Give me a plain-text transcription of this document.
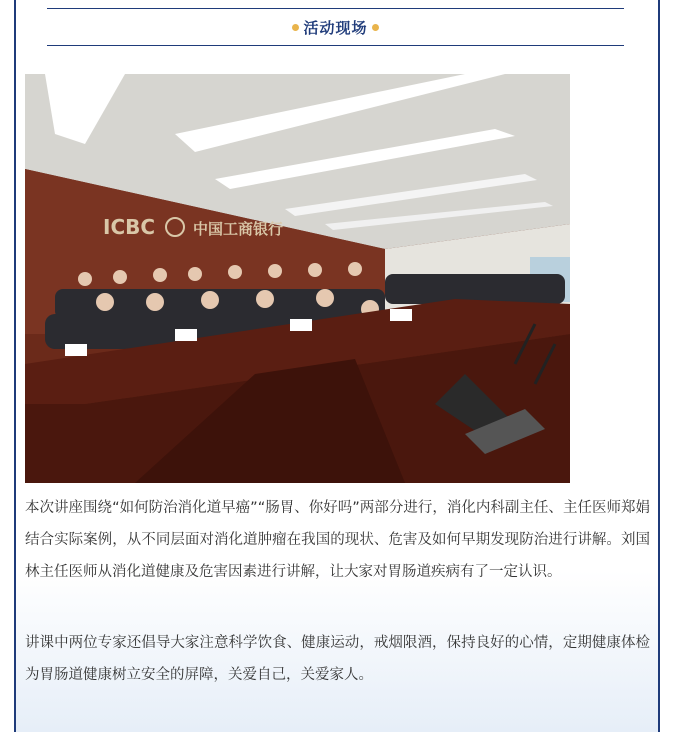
活动现场
ICBC	中国工商银行

本次讲座围绕“如何防治消化道早癌”“肠胃、你好吗”两部分进行，消化内科副主任、主任医师郑娟结合实际案例，从不同层面对消化道肿瘤在我国的现状、危害及如何早期发现防治进行讲解。刘国林主任医师从消化道健康及危害因素进行讲解，让大家对胃肠道疾病有了一定认识。

讲课中两位专家还倡导大家注意科学饮食、健康运动，戒烟限酒，保持良好的心情，定期健康体检为胃肠道健康树立安全的屏障，关爱自己，关爱家人。
